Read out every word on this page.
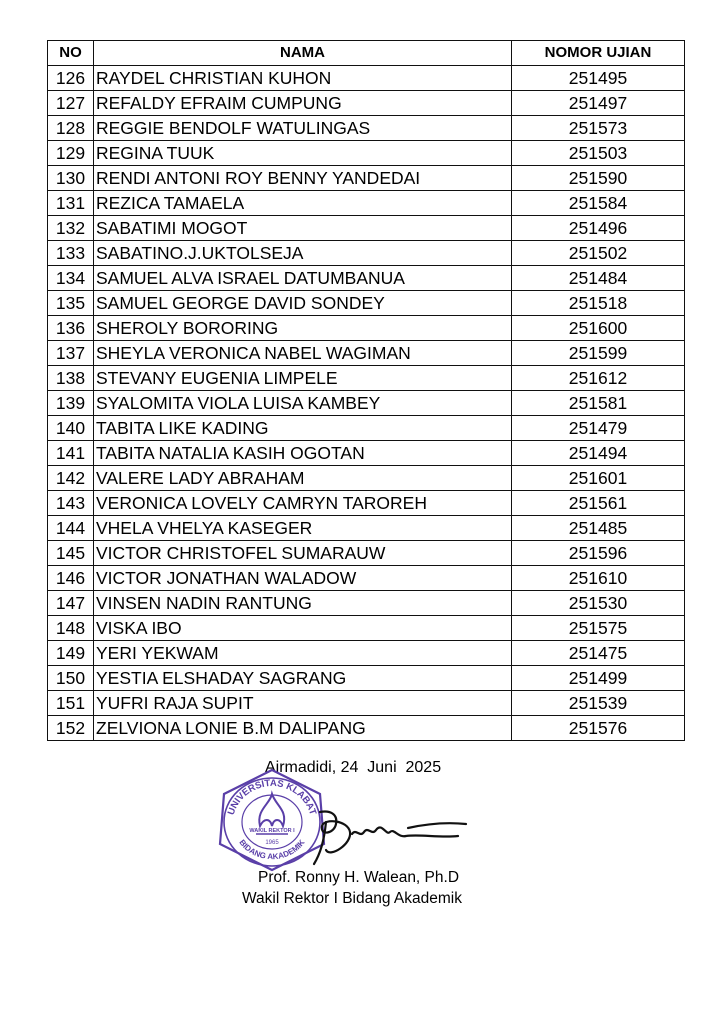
NO	NAMA	NOMOR UJIAN
126	RAYDEL CHRISTIAN KUHON	251495
127	REFALDY EFRAIM CUMPUNG	251497
128	REGGIE BENDOLF WATULINGAS	251573
129	REGINA TUUK	251503
130	RENDI ANTONI ROY BENNY YANDEDAI	251590
131	REZICA TAMAELA	251584
132	SABATIMI MOGOT	251496
133	SABATINO.J.UKTOLSEJA	251502
134	SAMUEL ALVA ISRAEL DATUMBANUA	251484
135	SAMUEL GEORGE DAVID SONDEY	251518
136	SHEROLY BORORING	251600
137	SHEYLA VERONICA NABEL WAGIMAN	251599
138	STEVANY EUGENIA LIMPELE	251612
139	SYALOMITA VIOLA LUISA KAMBEY	251581
140	TABITA LIKE KADING	251479
141	TABITA NATALIA KASIH OGOTAN	251494
142	VALERE LADY ABRAHAM	251601
143	VERONICA LOVELY CAMRYN TAROREH	251561
144	VHELA VHELYA KASEGER	251485
145	VICTOR CHRISTOFEL SUMARAUW	251596
146	VICTOR JONATHAN WALADOW	251610
147	VINSEN NADIN RANTUNG	251530
148	VISKA IBO	251575
149	YERI YEKWAM	251475
150	YESTIA ELSHADAY SAGRANG	251499
151	YUFRI RAJA SUPIT	251539
152	ZELVIONA LONIE B.M DALIPANG	251576
Airmadidi, 24  Juni  2025
UNIVERSITAS KLABAT
BIDANG AKADEMIK
WAKIL REKTOR I
1965
Prof. Ronny H. Walean, Ph.D
Wakil Rektor I Bidang Akademik
